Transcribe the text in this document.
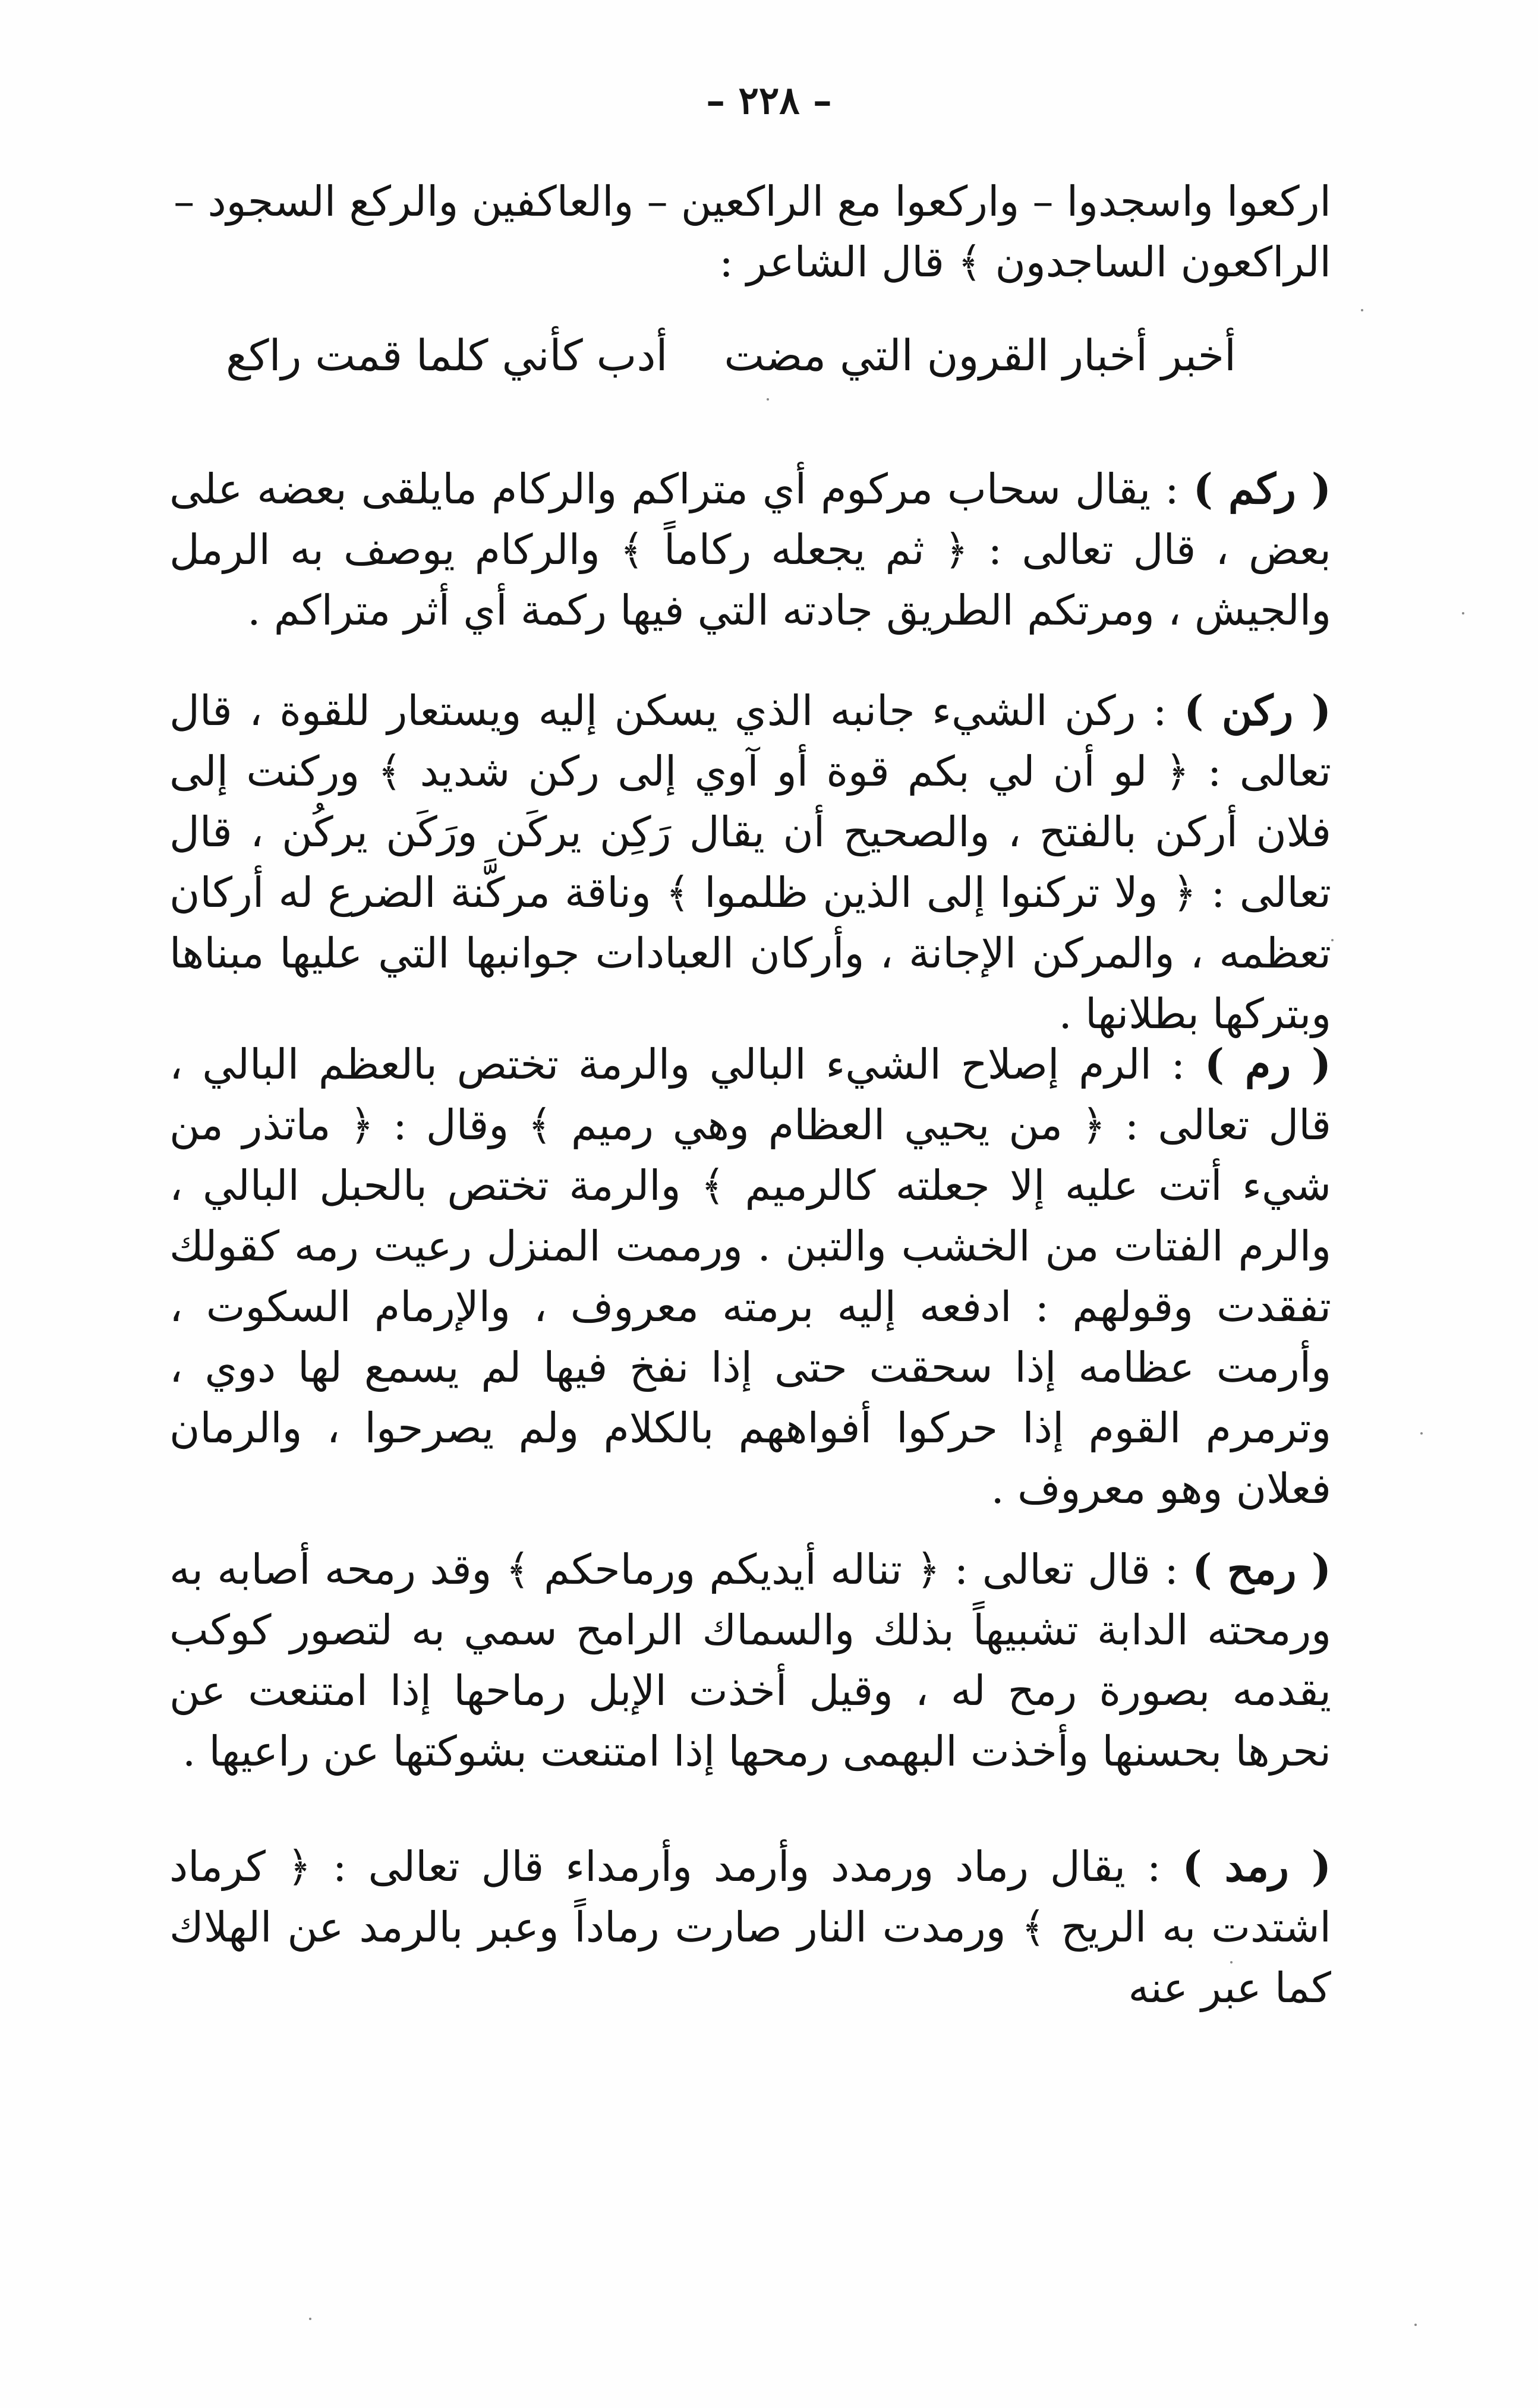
– ٢٢٨ –
اركعوا واسجدوا – واركعوا مع الراكعين – والعاكفين والركع السجود –
الراكعون الساجدون ﴾ قال الشاعر :
أخبر أخبار القرون التي مضت
أدب كأني كلما قمت راكع
( ركم ) : يقال سحاب مركوم أي متراكم والركام مايلقى بعضه على بعض ، قال تعالى : ﴿ ثم يجعله ركاماً ﴾ والركام يوصف به الرمل والجيش ، ومرتكم الطريق جادته التي فيها ركمة أي أثر متراكم .
( ركن ) : ركن الشيء جانبه الذي يسكن إليه ويستعار للقوة ، قال تعالى : ﴿ لو أن لي بكم قوة أو آوي إلى ركن شديد ﴾ وركنت إلى فلان أركن بالفتح ، والصحيح أن يقال رَكِن يركَن ورَكَن يركُن ، قال تعالى : ﴿ ولا تركنوا إلى الذين ظلموا ﴾ وناقة مركَّنة الضرع له أركان تعظمه ، والمركن الإجانة ، وأركان العبادات جوانبها التي عليها مبناها وبتركها بطلانها .
( رم ) : الرم إصلاح الشيء البالي والرمة تختص بالعظم البالي ، قال تعالى : ﴿ من يحيي العظام وهي رميم ﴾ وقال : ﴿ ماتذر من شيء أتت عليه إلا جعلته كالرميم ﴾ والرمة تختص بالحبل البالي ، والرم الفتات من الخشب والتبن . ورممت المنزل رعيت رمه كقولك تفقدت وقولهم : ادفعه إليه برمته معروف ، والإرمام السكوت ، وأرمت عظامه إذا سحقت حتى إذا نفخ فيها لم يسمع لها دوي ، وترمرم القوم إذا حركوا أفواههم بالكلام ولم يصرحوا ، والرمان فعلان وهو معروف .
( رمح ) : قال تعالى : ﴿ تناله أيديكم ورماحكم ﴾ وقد رمحه أصابه به ورمحته الدابة تشبيهاً بذلك والسماك الرامح سمي به لتصور كوكب يقدمه بصورة رمح له ، وقيل أخذت الإبل رماحها إذا امتنعت عن نحرها بحسنها وأخذت البهمى رمحها إذا امتنعت بشوكتها عن راعيها .
( رمد ) : يقال رماد ورمدد وأرمد وأرمداء قال تعالى : ﴿ كرماد اشتدت به الريح ﴾ ورمدت النار صارت رماداً وعبر بالرمد عن الهلاك كما عبر عنه
